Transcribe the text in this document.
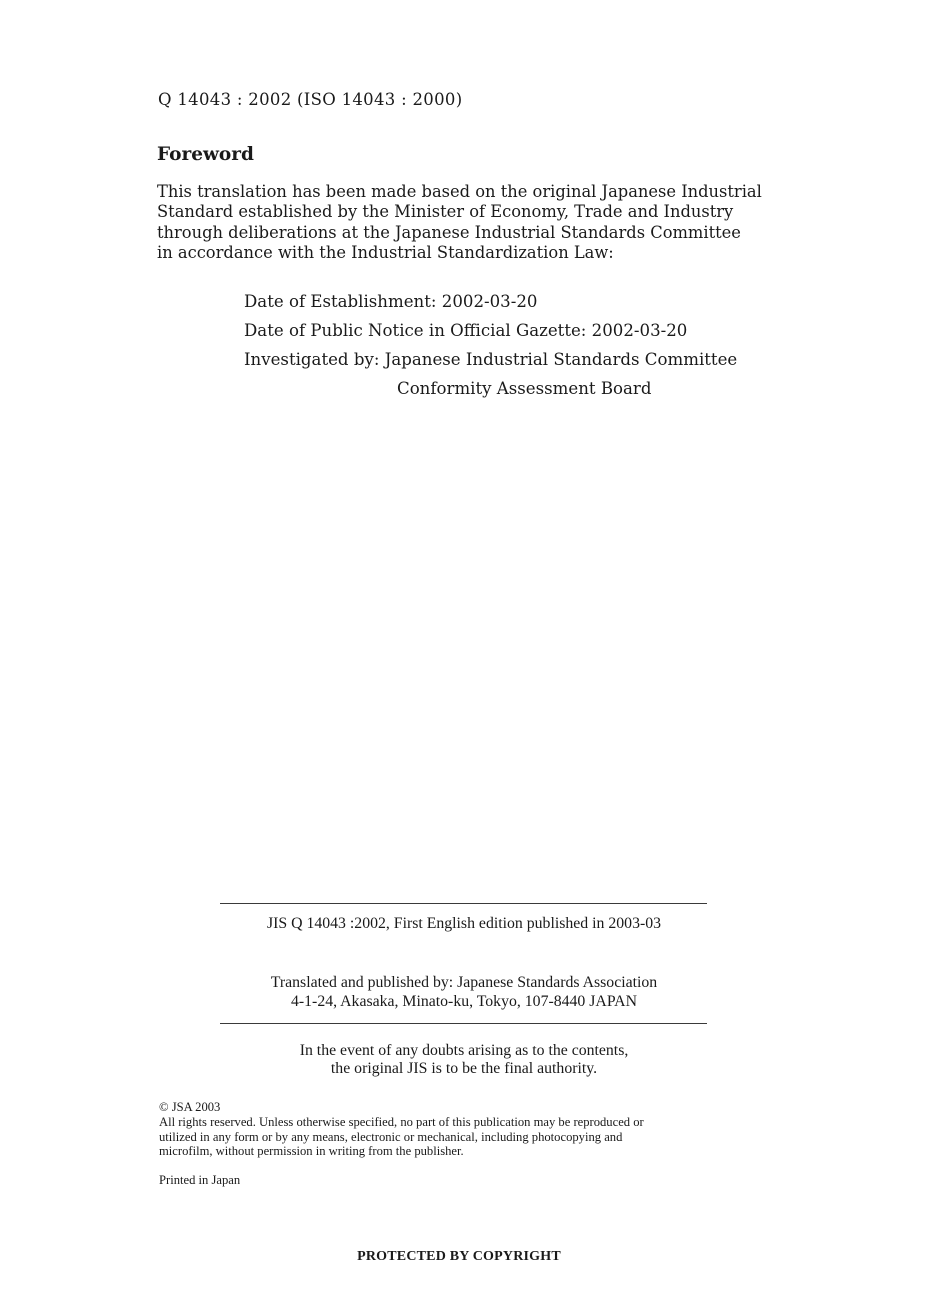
Q 14043 : 2002 (ISO 14043 : 2000)
Foreword
This translation has been made based on the original Japanese Industrial
Standard established by the Minister of Economy, Trade and Industry
through deliberations at the Japanese Industrial Standards Committee
in accordance with the Industrial Standardization Law:
Date of Establishment: 2002-03-20
Date of Public Notice in Official Gazette: 2002-03-20
Investigated by: Japanese Industrial Standards Committee
Conformity Assessment Board
JIS Q 14043 :2002, First English edition published in 2003-03
Translated and published by: Japanese Standards Association
4-1-24, Akasaka, Minato-ku, Tokyo, 107-8440 JAPAN
In the event of any doubts arising as to the contents,
the original JIS is to be the final authority.
© JSA 2003
All rights reserved. Unless otherwise specified, no part of this publication may be reproduced or
utilized in any form or by any means, electronic or mechanical, including photocopying and
microfilm, without permission in writing from the publisher.
Printed in Japan
PROTECTED BY COPYRIGHT
